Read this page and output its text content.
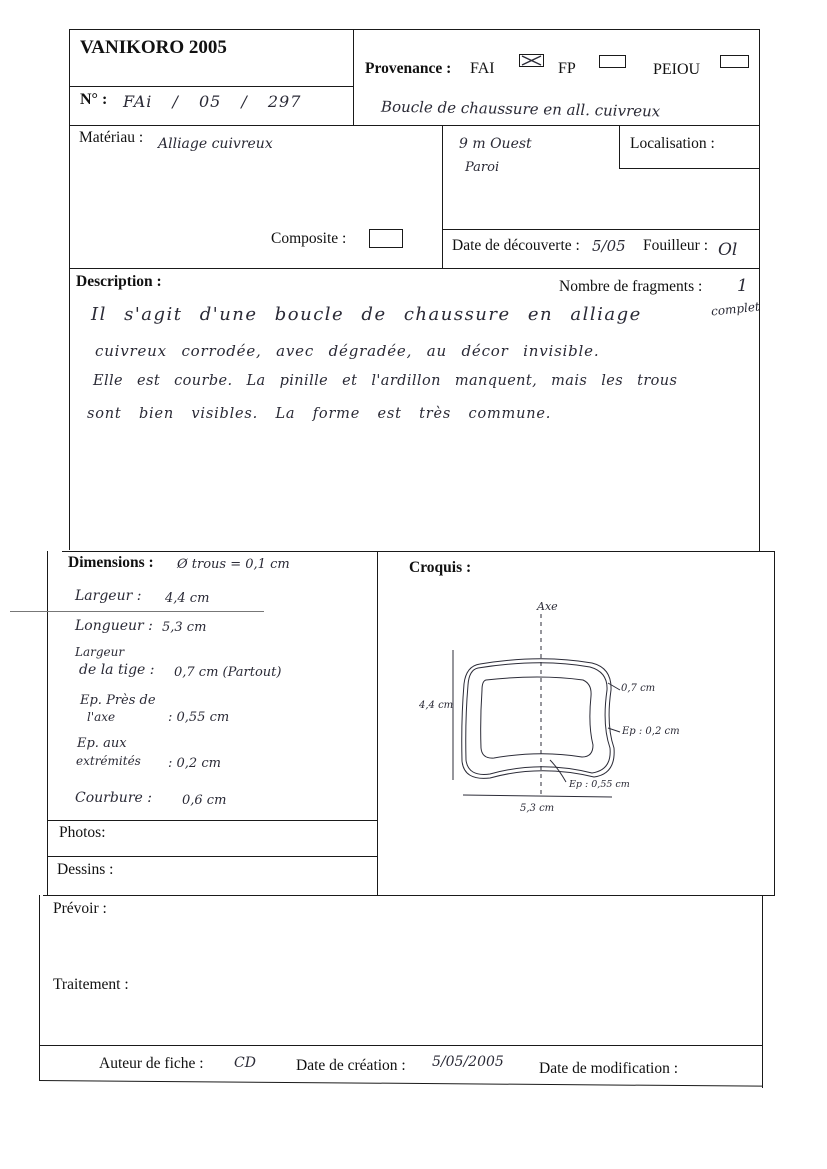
VANIKORO 2005
Provenance : FAI	FP	PEIOU
N° : FAi / 05 / 297	Boucle de chaussure en all. cuivreux
Matériau : Alliage cuivreux
Composite :
9 m Ouest
Paroi
Localisation :
Date de découverte : 5/05 Fouilleur : Ol
Description :	Nombre de fragments : 1
complet
Il s'agit d'une boucle de chaussure en alliage
cuivreux corrodée, avec dégradée, au décor invisible.
Elle est courbe. La pinille et l'ardillon manquent, mais les trous
sont bien visibles. La forme est très commune.
Dimensions : Ø trous = 0,1 cm
Largeur : 4,4 cm
Longueur : 5,3 cm
Largeur
de la tige : 0,7 cm (Partout)
Ep. Près de
l'axe	: 0,55 cm
Ep. aux
extrémités : 0,2 cm
Courbure : 0,6 cm
Croquis :
Axe
4,4 cm
5,3 cm
0,7 cm
Ep : 0,2 cm
Ep : 0,55 cm
Photos:
Dessins :
Prévoir :
Traitement :
Auteur de fiche : CD	Date de création : 5/05/2005 Date de modification :
